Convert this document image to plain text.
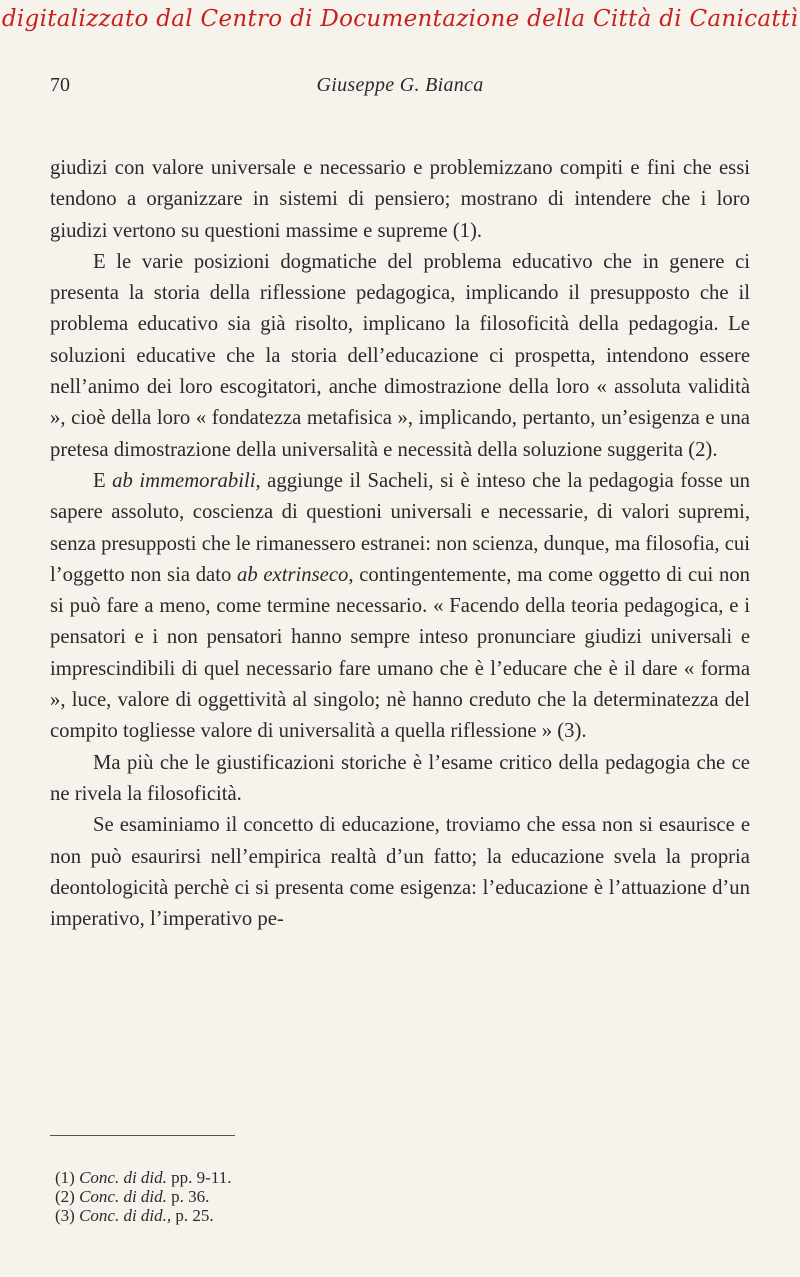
digitalizzato dal Centro di Documentazione della Città di Canicattì
70	Giuseppe G. Bianca

giudizi con valore universale e necessario e problemizzano compiti e fini che essi tendono a organizzare in sistemi di pensiero; mostrano di intendere che i loro giudizi vertono su questioni massime e supreme (1).

E le varie posizioni dogmatiche del problema educativo che in genere ci presenta la storia della riflessione pedagogica, implicando il presupposto che il problema educativo sia già risolto, implicano la filosoficità della pedagogia. Le soluzioni educative che la storia dell’educazione ci prospetta, intendono essere nell’animo dei loro escogitatori, anche dimostrazione della loro « assoluta validità », cioè della loro « fondatezza metafisica », implicando, pertanto, un’esigenza e una pretesa dimostrazione della universalità e necessità della soluzione suggerita (2).

E ab immemorabili, aggiunge il Sacheli, si è inteso che la pedagogia fosse un sapere assoluto, coscienza di questioni universali e necessarie, di valori supremi, senza presupposti che le rimanessero estranei: non scienza, dunque, ma filosofia, cui l’oggetto non sia dato ab extrinseco, contingentemente, ma come oggetto di cui non si può fare a meno, come termine necessario. « Facendo della teoria pedagogica, e i pensatori e i non pensatori hanno sempre inteso pronunciare giudizi universali e imprescindibili di quel necessario fare umano che è l’educare che è il dare « forma », luce, valore di oggettività al singolo; nè hanno creduto che la determinatezza del compito togliesse valore di universalità a quella riflessione » (3).

Ma più che le giustificazioni storiche è l’esame critico della pedagogia che ce ne rivela la filosoficità.

Se esaminiamo il concetto di educazione, troviamo che essa non si esaurisce e non può esaurirsi nell’empirica realtà d’un fatto; la educazione svela la propria deontologicità perchè ci si presenta come esigenza: l’educazione è l’attuazione d’un imperativo, l’imperativo pe-

(1) Conc. di did. pp. 9-11.
(2) Conc. di did. p. 36.
(3) Conc. di did., p. 25.
